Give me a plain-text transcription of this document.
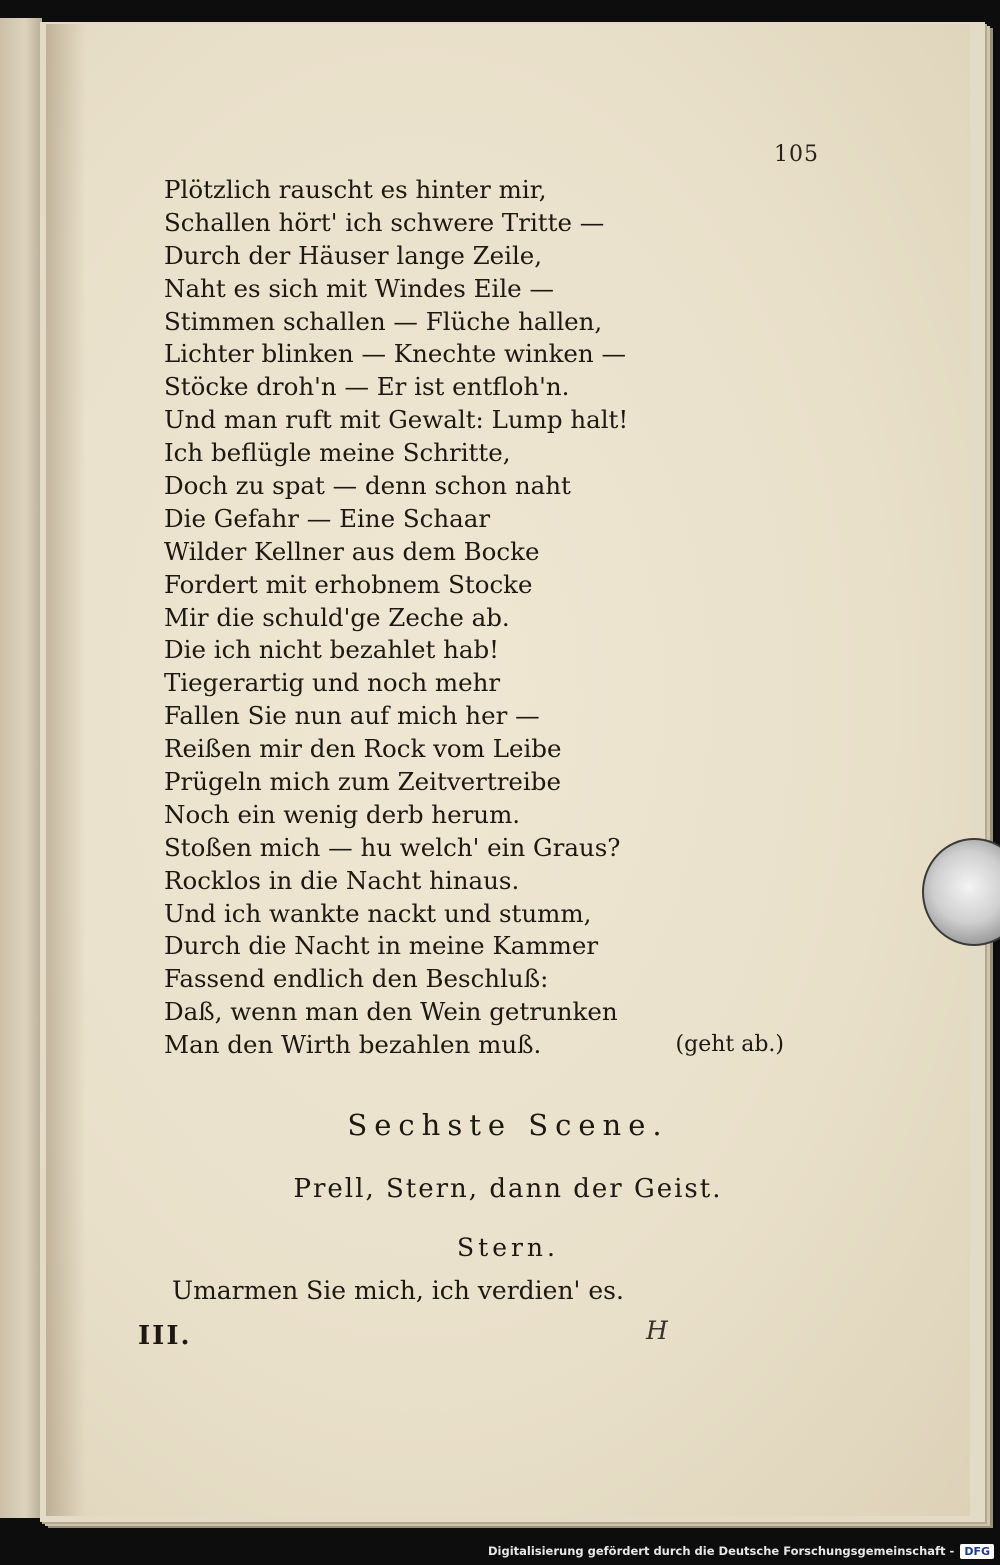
105
Plötzlich rauscht es hinter mir,
Schallen hört' ich schwere Tritte —
Durch der Häuser lange Zeile,
Naht es sich mit Windes Eile —
Stimmen schallen — Flüche hallen,
Lichter blinken — Knechte winken —
Stöcke droh'n — Er ist entfloh'n.
Und man ruft mit Gewalt: Lump halt!
Ich beflügle meine Schritte,
Doch zu spat — denn schon naht
Die Gefahr — Eine Schaar
Wilder Kellner aus dem Bocke
Fordert mit erhobnem Stocke
Mir die schuld'ge Zeche ab.
Die ich nicht bezahlet hab!
Tiegerartig und noch mehr
Fallen Sie nun auf mich her —
Reißen mir den Rock vom Leibe
Prügeln mich zum Zeitvertreibe
Noch ein wenig derb herum.
Stoßen mich — hu welch' ein Graus?
Rocklos in die Nacht hinaus.
Und ich wankte nackt und stumm,
Durch die Nacht in meine Kammer
Fassend endlich den Beschluß:
Daß, wenn man den Wein getrunken
Man den Wirth bezahlen muß.	(geht ab.)
Sechste Scene.
Prell, Stern, dann der Geist.
Stern.
Umarmen Sie mich, ich verdien' es.
III.	H
Digitalisierung gefördert durch die Deutsche Forschungsgemeinschaft - DFG
